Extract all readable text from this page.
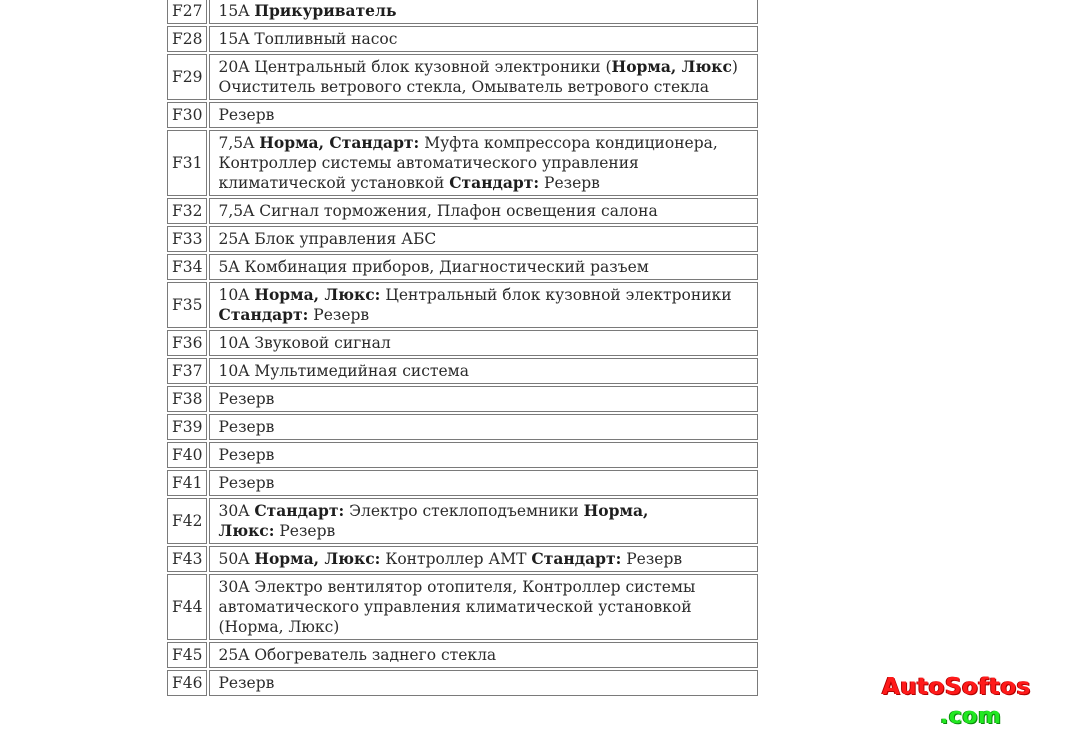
F27	15A Прикуриватель

F28	15A Топливный насос

F29	20A Центральный блок кузовной электроники (Норма, Люкс)
Очиститель ветрового стекла, Омыватель ветрового стекла

F30	Резерв

F31	7,5A Норма, Стандарт: Муфта компрессора кондиционера,
Контроллер системы автоматического управления
климатической установкой Стандарт: Резерв

F32	7,5A Сигнал торможения, Плафон освещения салона

F33	25A Блок управления АБС

F34	5A Комбинация приборов, Диагностический разъем

F35	10A Норма, Люкс: Центральный блок кузовной электроники
Стандарт: Резерв

F36	10A Звуковой сигнал

F37	10A Мультимедийная система

F38	Резерв

F39	Резерв

F40	Резерв

F41	Резерв

F42	30A Стандарт: Электро стеклоподъемники Норма,
Люкс: Резерв

F43	50A Норма, Люкс: Контроллер АМТ Стандарт: Резерв

F44	30A Электро вентилятор отопителя, Контроллер системы
автоматического управления климатической установкой
(Норма, Люкс)

F45	25A Обогреватель заднего стекла

F46	Резерв	AutoSoftos
.com
